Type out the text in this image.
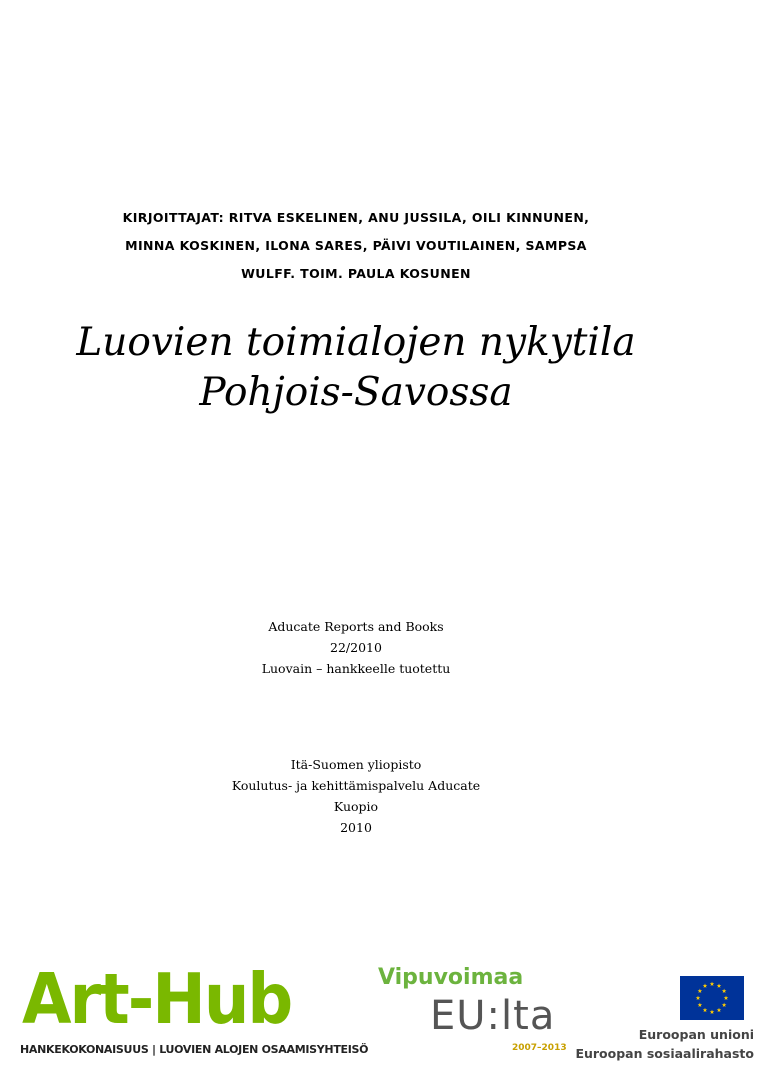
KIRJOITTAJAT: RITVA ESKELINEN, ANU JUSSILA, OILI KINNUNEN,
MINNA KOSKINEN, ILONA SARES, PÄIVI VOUTILAINEN, SAMPSA
WULFF. TOIM. PAULA KOSUNEN
Luovien toimialojen nykytila
Pohjois-Savossa
Aducate Reports and Books
22/2010
Luovain – hankkeelle tuotettu
Itä-Suomen yliopisto
Koulutus- ja kehittämispalvelu Aducate
Kuopio
2010
Art-Hub
HANKEKOKONAISUUS | LUOVIEN ALOJEN OSAAMISYHTEISÖ
Vipuvoimaa
EU:lta
2007–2013
Euroopan unioni
Euroopan sosiaalirahasto
